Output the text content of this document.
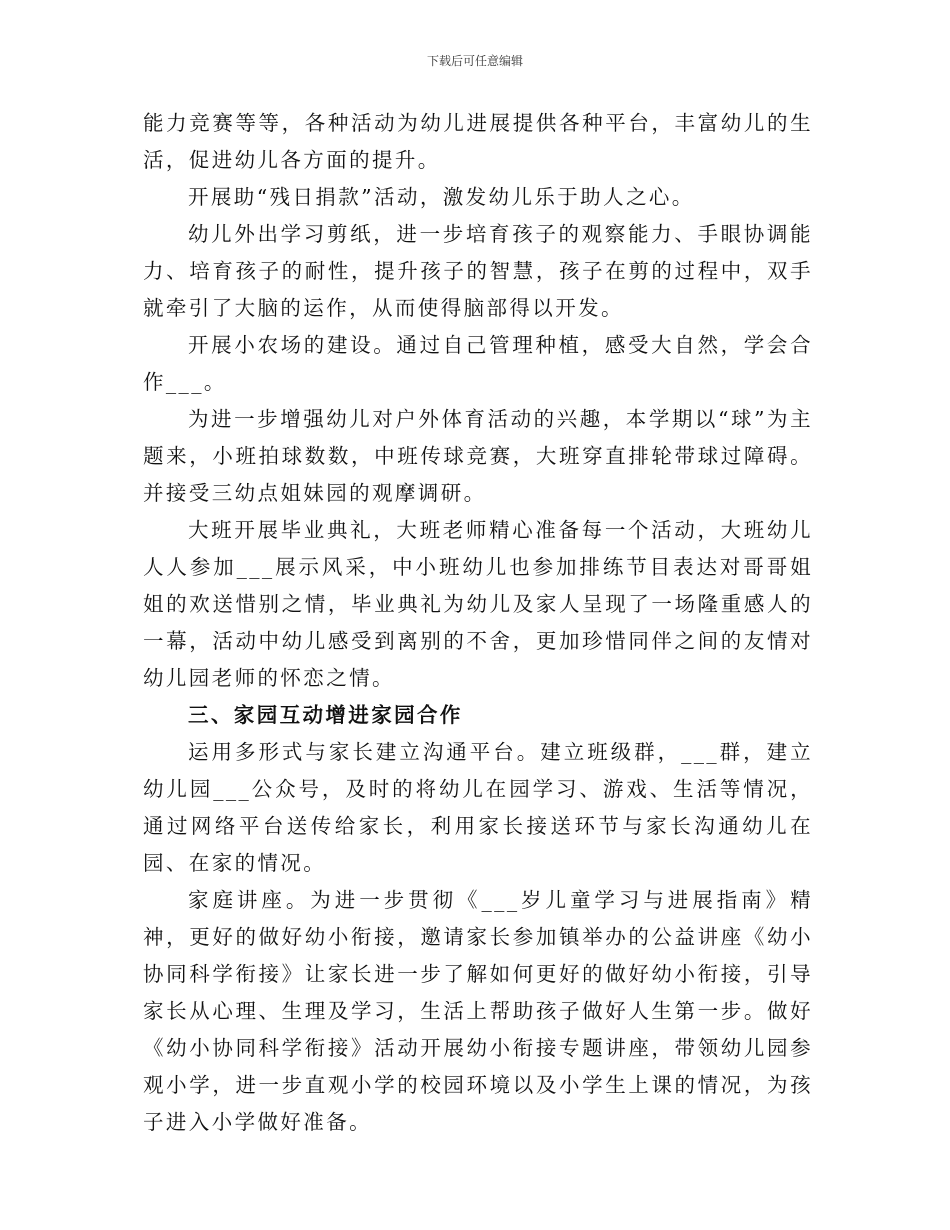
下载后可任意编辑

能力竞赛等等，各种活动为幼儿进展提供各种平台，丰富幼儿的生活，促进幼儿各方面的提升。

开展助“残日捐款”活动，激发幼儿乐于助人之心。

幼儿外出学习剪纸，进一步培育孩子的观察能力、手眼协调能力、培育孩子的耐性，提升孩子的智慧，孩子在剪的过程中，双手就牵引了大脑的运作，从而使得脑部得以开发。

开展小农场的建设。通过自己管理种植，感受大自然，学会合作___。

为进一步增强幼儿对户外体育活动的兴趣，本学期以“球”为主题来，小班拍球数数，中班传球竞赛，大班穿直排轮带球过障碍。并接受三幼点姐妹园的观摩调研。

大班开展毕业典礼，大班老师精心准备每一个活动，大班幼儿人人参加___展示风采，中小班幼儿也参加排练节目表达对哥哥姐姐的欢送惜别之情，毕业典礼为幼儿及家人呈现了一场隆重感人的一幕，活动中幼儿感受到离别的不舍，更加珍惜同伴之间的友情对幼儿园老师的怀恋之情。

三、家园互动增进家园合作

运用多形式与家长建立沟通平台。建立班级群，___群，建立幼儿园___公众号，及时的将幼儿在园学习、游戏、生活等情况，通过网络平台送传给家长，利用家长接送环节与家长沟通幼儿在园、在家的情况。

家庭讲座。为进一步贯彻《___岁儿童学习与进展指南》精神，更好的做好幼小衔接，邀请家长参加镇举办的公益讲座《幼小协同科学衔接》让家长进一步了解如何更好的做好幼小衔接，引导家长从心理、生理及学习，生活上帮助孩子做好人生第一步。做好《幼小协同科学衔接》活动开展幼小衔接专题讲座，带领幼儿园参观小学，进一步直观小学的校园环境以及小学生上课的情况，为孩子进入小学做好准备。
